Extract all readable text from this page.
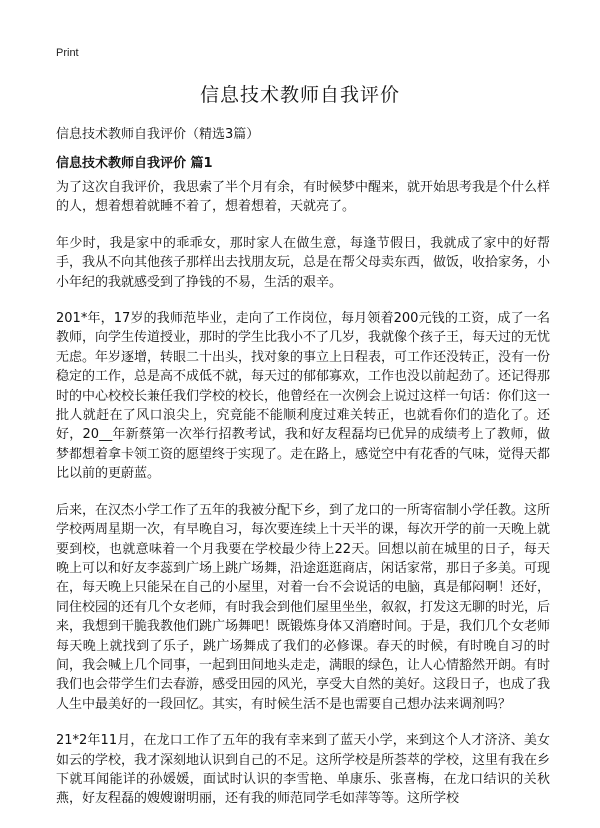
Print
信息技术教师自我评价
信息技术教师自我评价（精选3篇）
信息技术教师自我评价 篇1

为了这次自我评价，我思索了半个月有余，有时候梦中醒来，就开始思考我是个什么样的人，想着想着就睡不着了，想着想着，天就亮了。

年少时，我是家中的乖乖女，那时家人在做生意，每逢节假日，我就成了家中的好帮手，我从不向其他孩子那样出去找朋友玩，总是在帮父母卖东西，做饭，收拾家务，小小年纪的我就感受到了挣钱的不易，生活的艰辛。

201*年，17岁的我师范毕业，走向了工作岗位，每月领着200元钱的工资，成了一名教师，向学生传道授业，那时的学生比我小不了几岁，我就像个孩子王，每天过的无忧无虑。年岁逐增，转眼二十出头，找对象的事立上日程表，可工作还没转正，没有一份稳定的工作，总是高不成低不就，每天过的郁郁寡欢，工作也没以前起劲了。还记得那时的中心校校长兼任我们学校的校长，他曾经在一次例会上说过这样一句话：你们这一批人就赶在了风口浪尖上，究竟能不能顺利度过难关转正，也就看你们的造化了。还好，20__年新蔡第一次举行招教考试，我和好友程磊均已优异的成绩考上了教师，做梦都想着拿卡领工资的愿望终于实现了。走在路上，感觉空中有花香的气味，觉得天都比以前的更蔚蓝。

后来，在汉杰小学工作了五年的我被分配下乡，到了龙口的一所寄宿制小学任教。这所学校两周星期一次，有早晚自习，每次要连续上十天半的课，每次开学的前一天晚上就要到校，也就意味着一个月我要在学校最少待上22天。回想以前在城里的日子，每天晚上可以和好友李蕊到广场上跳广场舞，沿途逛逛商店，闲话家常，那日子多美。可现在，每天晚上只能呆在自己的小屋里，对着一台不会说话的电脑，真是郁闷啊！还好，同住校园的还有几个女老师，有时我会到他们屋里坐坐，叙叙，打发这无聊的时光，后来，我想到干脆我教他们跳广场舞吧！既锻炼身体又消磨时间。于是，我们几个女老师每天晚上就找到了乐子，跳广场舞成了我们的必修课。春天的时候，有时晚自习的时间，我会喊上几个同事，一起到田间地头走走，满眼的绿色，让人心情豁然开朗。有时我们也会带学生们去春游，感受田园的风光，享受大自然的美好。这段日子，也成了我人生中最美好的一段回忆。其实，有时候生活不是也需要自己想办法来调剂吗？

21*2年11月，在龙口工作了五年的我有幸来到了蓝天小学，来到这个人才济济、美女如云的学校，我才深刻地认识到自己的不足。这所学校是所荟萃的学校，这里有我在乡下就耳闻能详的孙媛媛，面试时认识的李雪艳、单康乐、张喜梅，在龙口结识的关秋燕，好友程磊的嫂嫂谢明丽，还有我的师范同学毛如萍等等。这所学校
